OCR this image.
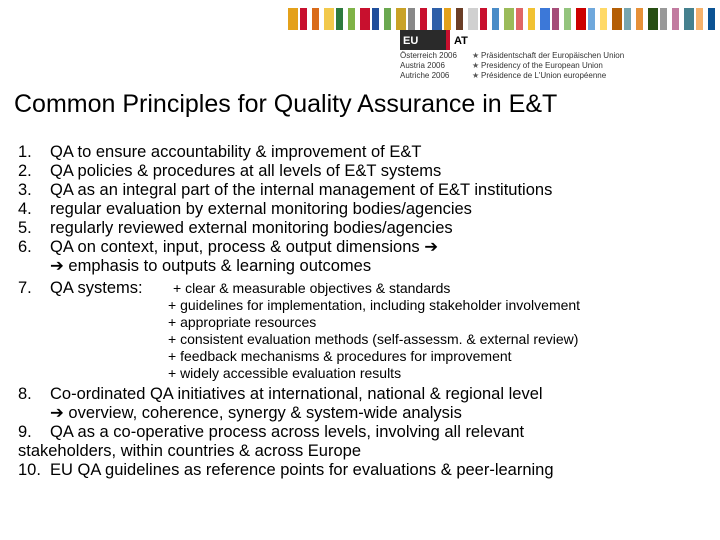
EU	AT
Österreich 2006 ★ Präsidentschaft der Europäischen Union
Austria 2006	★ Presidency of the European Union
Autriche 2006	★ Présidence de L'Union européenne
Common Principles for Quality Assurance in E&T
1. QA to ensure accountability & improvement of E&T
2. QA policies & procedures at all levels of E&T systems
3. QA as an integral part of the internal management of E&T institutions
4. regular evaluation by external monitoring bodies/agencies
5. regularly reviewed external monitoring bodies/agencies
6. QA on context, input, process & output dimensions ➔
➔ emphasis to outputs & learning outcomes
7. QA systems: + clear & measurable objectives & standards
+ guidelines for implementation, including stakeholder involvement
+ appropriate resources
+ consistent evaluation methods (self-assessm. & external review)
+ feedback mechanisms & procedures for improvement
+ widely accessible evaluation results
8. Co-ordinated QA initiatives at international, national & regional level
➔ overview, coherence, synergy & system-wide analysis
9. QA as a co-operative process across levels, involving all relevant
stakeholders, within countries & across Europe
10. EU QA guidelines as reference points for evaluations & peer-learning
